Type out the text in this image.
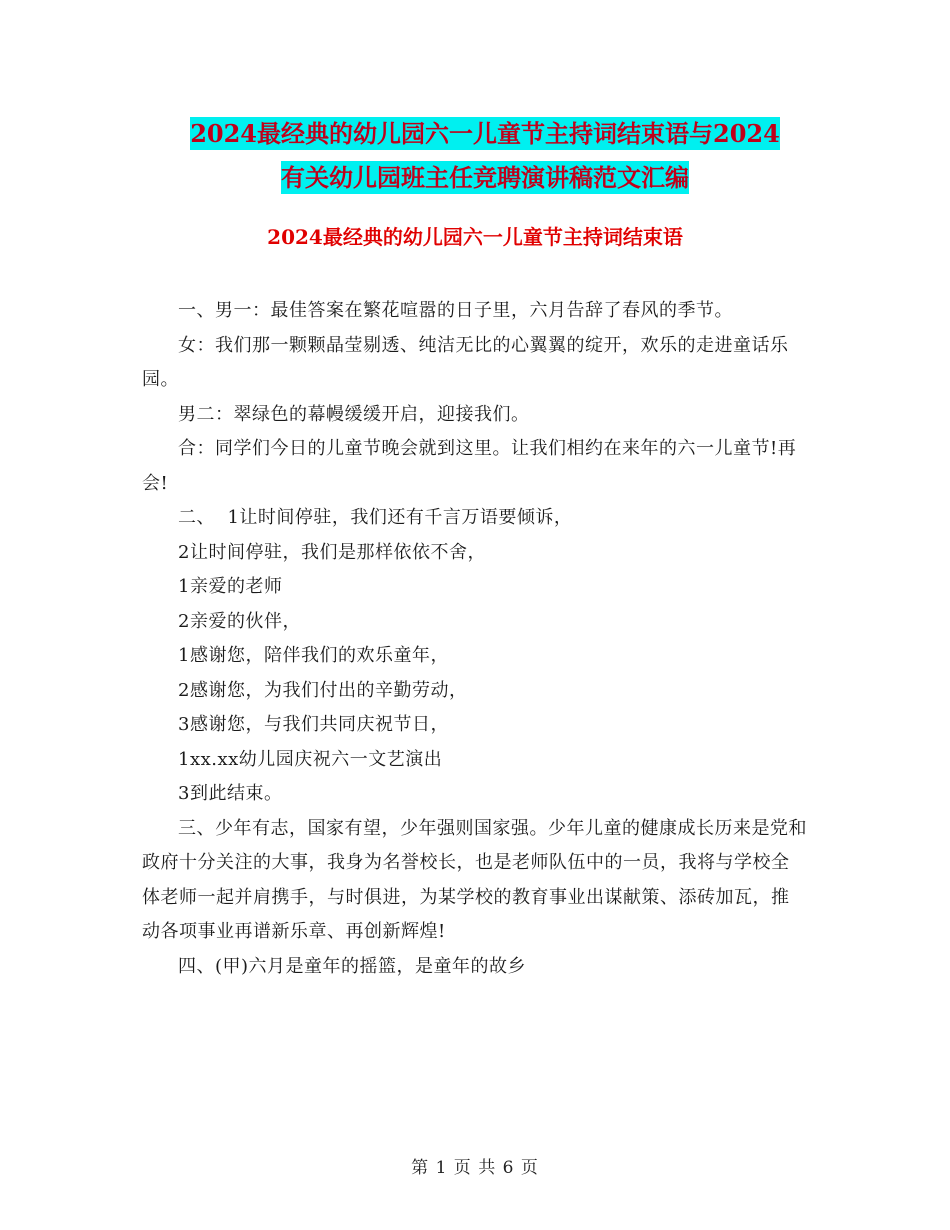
2024最经典的幼儿园六一儿童节主持词结束语与2024
有关幼儿园班主任竞聘演讲稿范文汇编
2024最经典的幼儿园六一儿童节主持词结束语

一、男一：最佳答案在繁花喧嚣的日子里，六月告辞了春风的季节。

女：我们那一颗颗晶莹剔透、纯洁无比的心翼翼的绽开，欢乐的走进童话乐园。

男二：翠绿色的幕幔缓缓开启，迎接我们。

合：同学们今日的儿童节晚会就到这里。让我们相约在来年的六一儿童节!再会!

二、  1让时间停驻，我们还有千言万语要倾诉，

2让时间停驻，我们是那样依依不舍，

1亲爱的老师

2亲爱的伙伴，

1感谢您，陪伴我们的欢乐童年，

2感谢您，为我们付出的辛勤劳动，

3感谢您，与我们共同庆祝节日，

1xx.xx幼儿园庆祝六一文艺演出

3到此结束。

三、少年有志，国家有望，少年强则国家强。少年儿童的健康成长历来是党和政府十分关注的大事，我身为名誉校长，也是老师队伍中的一员，我将与学校全体老师一起并肩携手，与时俱进，为某学校的教育事业出谋献策、添砖加瓦，推动各项事业再谱新乐章、再创新辉煌!

四、(甲)六月是童年的摇篮，是童年的故乡

第 1 页 共 6 页
